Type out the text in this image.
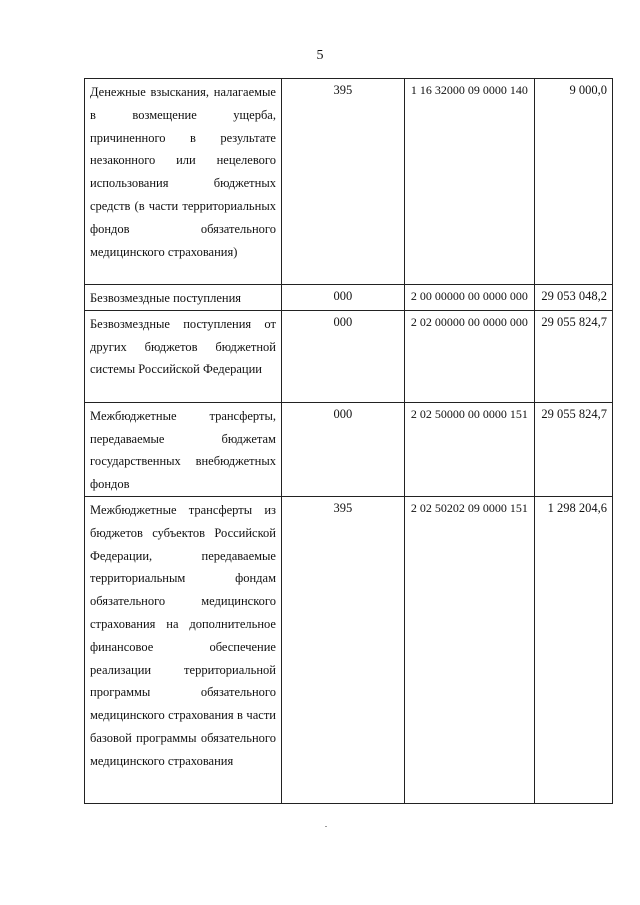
5
Денежные взыскания, налагаемые в возмещение ущерба, причиненного в результате незаконного или нецелевого использования бюджетных средств (в части территориальных фондов обязательного медицинского страхования)	395	1 16 32000 09 0000 140	9 000,0
Безвозмездные поступления	000	2 00 00000 00 0000 000	29 053 048,2
Безвозмездные поступления от других бюджетов бюджетной системы Российской Федерации	000	2 02 00000 00 0000 000	29 055 824,7
Межбюджетные трансферты, передаваемые бюджетам государственных внебюджетных фондов	000	2 02 50000 00 0000 151	29 055 824,7
Межбюджетные трансферты из бюджетов субъектов Российской Федерации, передаваемые территориальным фондам обязательного медицинского страхования на дополнительное финансовое обеспечение реализации территориальной программы обязательного медицинского страхования в части базовой программы обязательного медицинского страхования	395	2 02 50202 09 0000 151	1 298 204,6
